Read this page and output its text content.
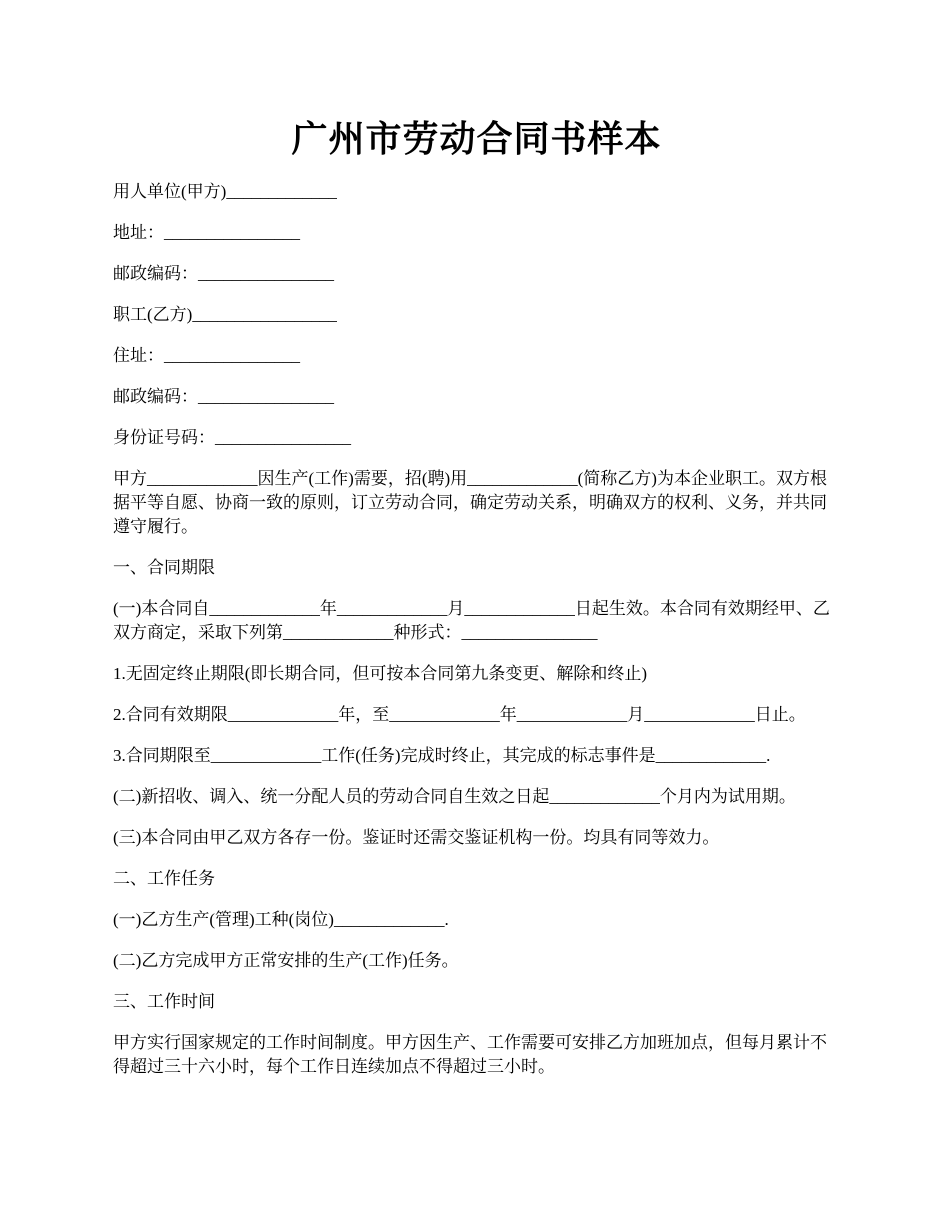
广州市劳动合同书样本

用人单位(甲方)_____________

地址：________________

邮政编码：________________

职工(乙方)_________________

住址：________________

邮政编码：________________

身份证号码：________________

甲方_____________因生产(工作)需要，招(聘)用_____________(简称乙方)为本企业职工。双方根据平等自愿、协商一致的原则，订立劳动合同，确定劳动关系，明确双方的权利、义务，并共同遵守履行。

一、合同期限

(一)本合同自_____________年_____________月_____________日起生效。本合同有效期经甲、乙双方商定，采取下列第_____________种形式：________________

1.无固定终止期限(即长期合同，但可按本合同第九条变更、解除和终止)

2.合同有效期限_____________年，至_____________年_____________月_____________日止。

3.合同期限至_____________工作(任务)完成时终止，其完成的标志事件是_____________.

(二)新招收、调入、统一分配人员的劳动合同自生效之日起_____________个月内为试用期。

(三)本合同由甲乙双方各存一份。鉴证时还需交鉴证机构一份。均具有同等效力。

二、工作任务

(一)乙方生产(管理)工种(岗位)_____________.

(二)乙方完成甲方正常安排的生产(工作)任务。

三、工作时间

甲方实行国家规定的工作时间制度。甲方因生产、工作需要可安排乙方加班加点，但每月累计不得超过三十六小时，每个工作日连续加点不得超过三小时。
